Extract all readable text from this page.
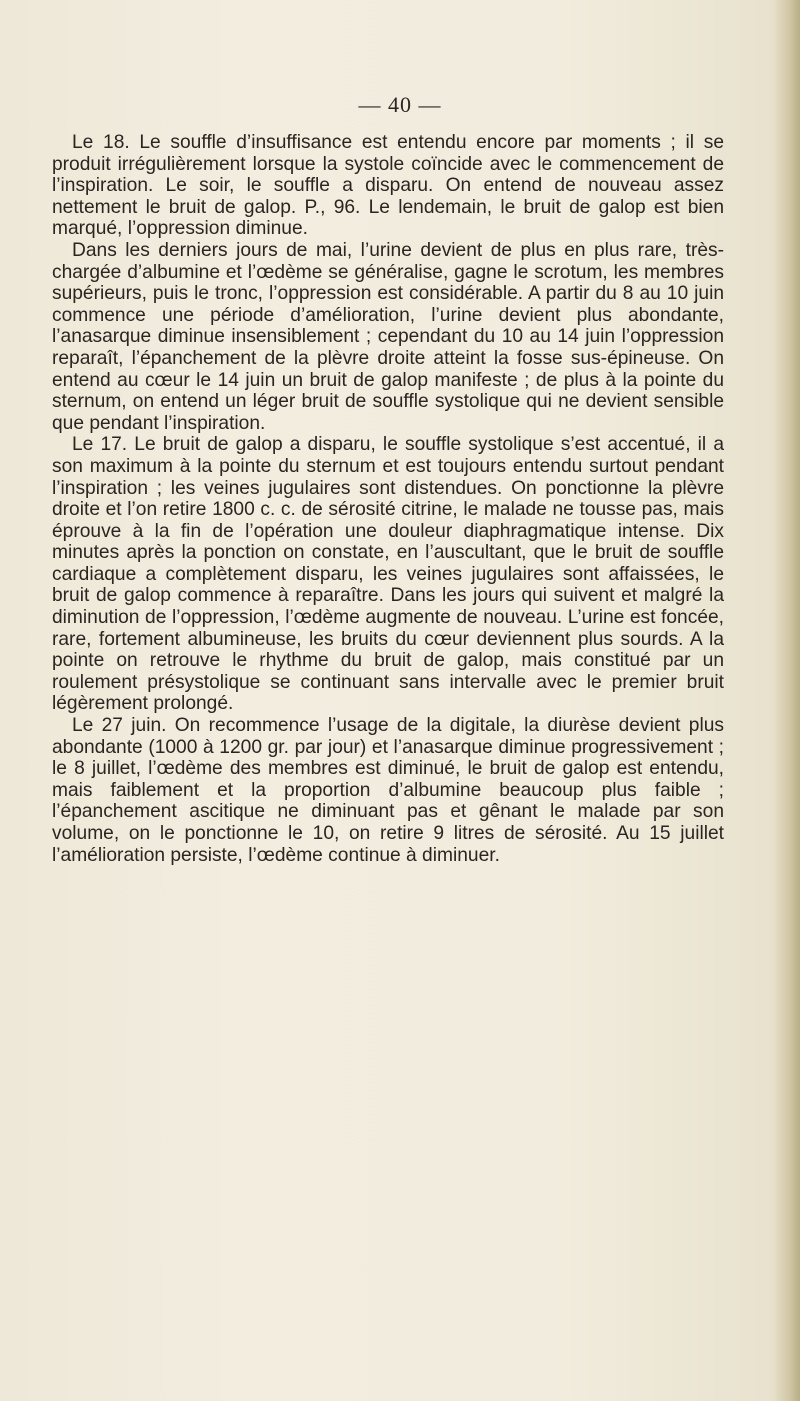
— 40 —

Le 18. Le souffle d’insuffisance est entendu encore par moments ; il se produit irrégulièrement lorsque la systole coïncide avec le commencement de l’inspiration. Le soir, le souffle a disparu. On entend de nouveau assez nettement le bruit de galop. P., 96. Le lendemain, le bruit de galop est bien marqué, l’oppression diminue.

Dans les derniers jours de mai, l’urine devient de plus en plus rare, très-chargée d’albumine et l’œdème se généralise, gagne le scrotum, les membres supérieurs, puis le tronc, l’oppression est considérable. A partir du 8 au 10 juin commence une période d’amélioration, l’urine devient plus abondante, l’anasarque diminue insensiblement ; cependant du 10 au 14 juin l’oppression reparaît, l’épanchement de la plèvre droite atteint la fosse sus-épineuse. On entend au cœur le 14 juin un bruit de galop manifeste ; de plus à la pointe du sternum, on entend un léger bruit de souffle systolique qui ne devient sensible que pendant l’inspiration.

Le 17. Le bruit de galop a disparu, le souffle systolique s’est accentué, il a son maximum à la pointe du sternum et est toujours entendu surtout pendant l’inspiration ; les veines jugulaires sont distendues. On ponctionne la plèvre droite et l’on retire 1800 c. c. de sérosité citrine, le malade ne tousse pas, mais éprouve à la fin de l’opération une douleur diaphragmatique intense. Dix minutes après la ponction on constate, en l’auscultant, que le bruit de souffle cardiaque a complètement disparu, les veines jugulaires sont affaissées, le bruit de galop commence à reparaître. Dans les jours qui suivent et malgré la diminution de l’oppression, l’œdème augmente de nouveau. L’urine est foncée, rare, fortement albumineuse, les bruits du cœur deviennent plus sourds. A la pointe on retrouve le rhythme du bruit de galop, mais constitué par un roulement présystolique se continuant sans intervalle avec le premier bruit légèrement prolongé.

Le 27 juin. On recommence l’usage de la digitale, la diurèse devient plus abondante (1000 à 1200 gr. par jour) et l’anasarque diminue progressivement ; le 8 juillet, l’œdème des membres est diminué, le bruit de galop est entendu, mais faiblement et la proportion d’albumine beaucoup plus faible ; l’épanchement ascitique ne diminuant pas et gênant le malade par son volume, on le ponctionne le 10, on retire 9 litres de sérosité. Au 15 juillet l’amélioration persiste, l’œdème continue à diminuer.
